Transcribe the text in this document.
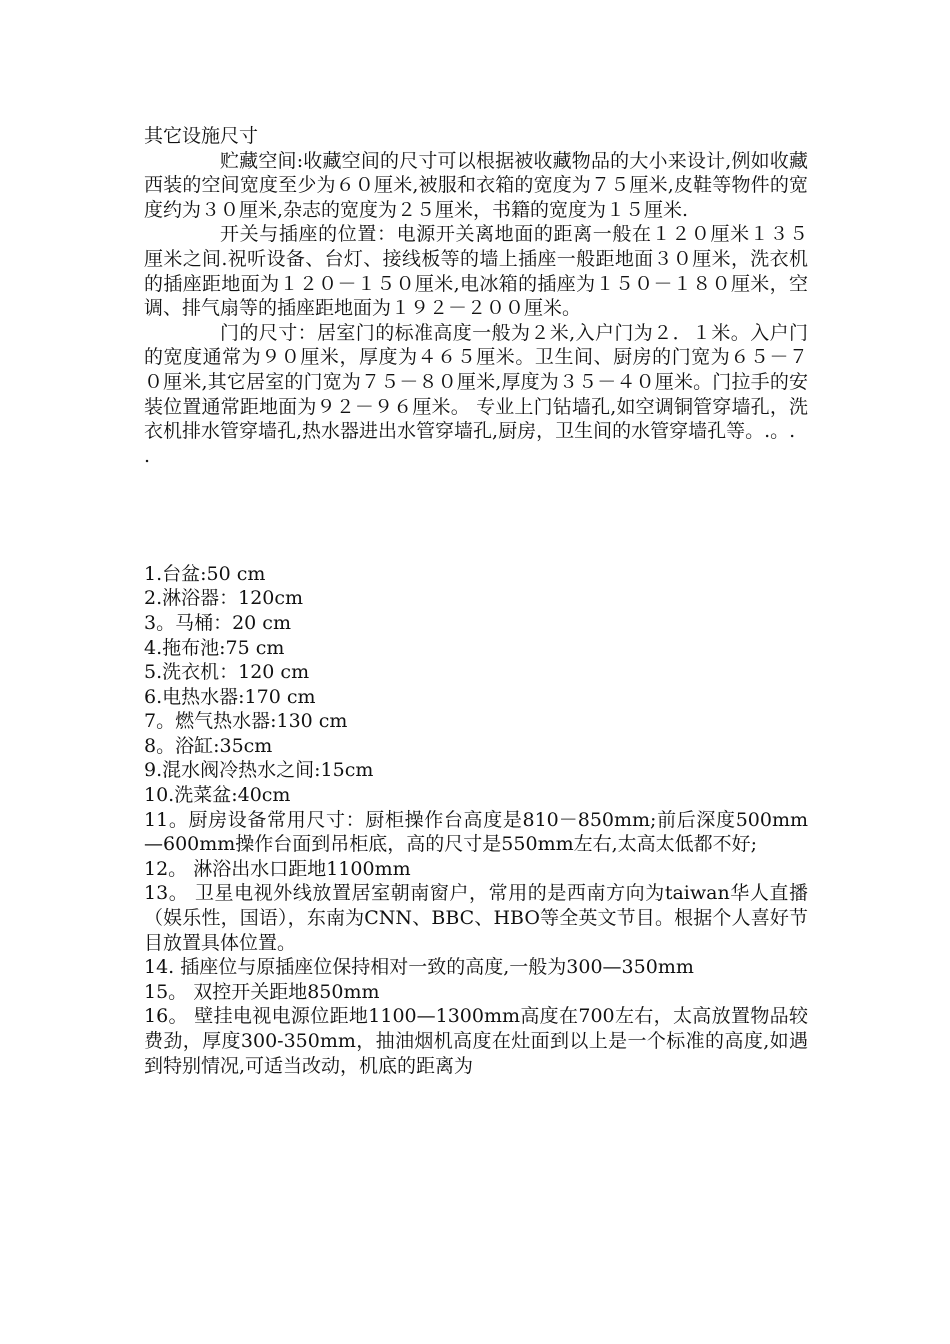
其它设施尺寸

贮藏空间:收藏空间的尺寸可以根据被收藏物品的大小来设计,例如收藏西装的空间宽度至少为６０厘米,被服和衣箱的宽度为７５厘米,皮鞋等物件的宽度约为３０厘米,杂志的宽度为２５厘米，书籍的宽度为１５厘米.

开关与插座的位置：电源开关离地面的距离一般在１２０厘米１３５厘米之间.祝听设备、台灯、接线板等的墙上插座一般距地面３０厘米，洗衣机的插座距地面为１２０－１５０厘米,电冰箱的插座为１５０－１８０厘米，空调、排气扇等的插座距地面为１９２－２００厘米。

门的尺寸：居室门的标准高度一般为２米,入户门为２．１米。入户门的宽度通常为９０厘米，厚度为４６５厘米。卫生间、厨房的门宽为６５－７０厘米,其它居室的门宽为７５－８０厘米,厚度为３５－４０厘米。门拉手的安装位置通常距地面为９２－９６厘米。 专业上门钻墙孔,如空调铜管穿墙孔，洗衣机排水管穿墙孔,热水器进出水管穿墙孔,厨房，卫生间的水管穿墙孔等。.。.

.

1.台盆:50 cm
2.淋浴器：120cm
3。马桶：20 cm
4.拖布池:75 cm
5.洗衣机：120 cm
6.电热水器:170 cm
7。燃气热水器:130 cm
8。浴缸:35cm
9.混水阀冷热水之间:15cm
10.洗菜盆:40cm
11。厨房设备常用尺寸：厨柜操作台高度是810－850mm;前后深度500mm—600mm操作台面到吊柜底，高的尺寸是550mm左右,太高太低都不好;
12。 淋浴出水口距地1100mm
13。 卫星电视外线放置居室朝南窗户，常用的是西南方向为taiwan华人直播（娱乐性，国语），东南为CNN、BBC、HBO等全英文节目。根据个人喜好节目放置具体位置。
14. 插座位与原插座位保持相对一致的高度,一般为300—350mm
15。 双控开关距地850mm
16。 壁挂电视电源位距地1100—1300mm高度在700左右，太高放置物品较费劲，厚度300-350mm，抽油烟机高度在灶面到以上是一个标准的高度,如遇到特别情况,可适当改动，机底的距离为
